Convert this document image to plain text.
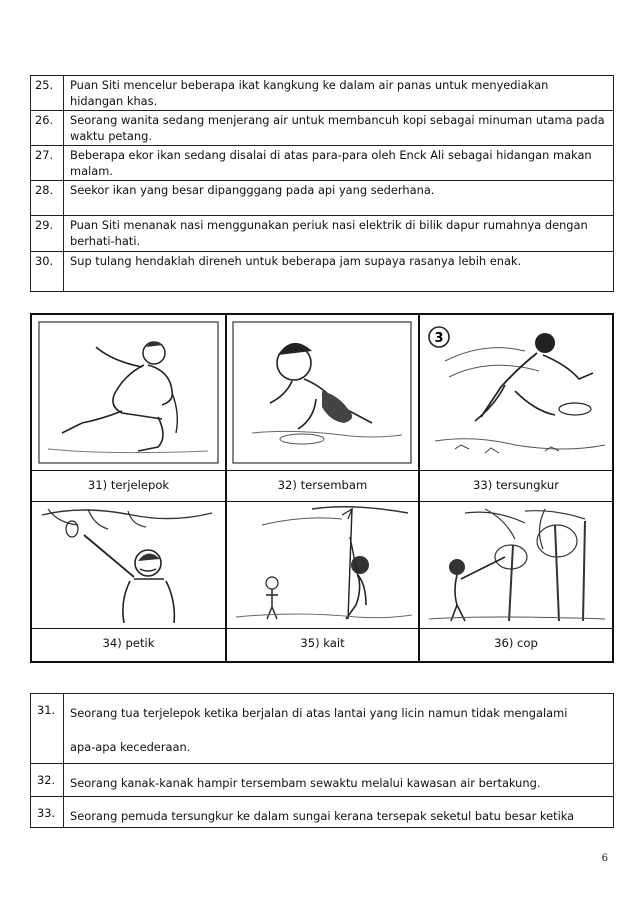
25.	Puan Siti mencelur beberapa ikat kangkung ke dalam air panas untuk menyediakan
hidangan khas.

26.	Seorang wanita sedang menjerang air untuk membancuh kopi sebagai minuman utama pada
waktu petang.

27.	Beberapa ekor ikan sedang disalai di atas para-para oleh Enck Ali sebagai hidangan makan
malam.

28.	Seekor ikan yang besar dipangggang pada api yang sederhana.

29.	Puan Siti menanak nasi menggunakan periuk nasi elektrik di bilik dapur rumahnya dengan
berhati-hati.

30.	Sup tulang hendaklah direneh untuk beberapa jam supaya rasanya lebih enak.
3
31) terjelepok	32) tersembam	33) tersungkur
34) petik	35) kait	36) cop
31.	Seorang tua terjelepok ketika berjalan di atas lantai yang licin namun tidak mengalami
apa-apa kecederaan.

32.	Seorang kanak-kanak hampir tersembam sewaktu melalui kawasan air bertakung.

33.	Seorang pemuda tersungkur ke dalam sungai kerana tersepak seketul batu besar ketika
6
